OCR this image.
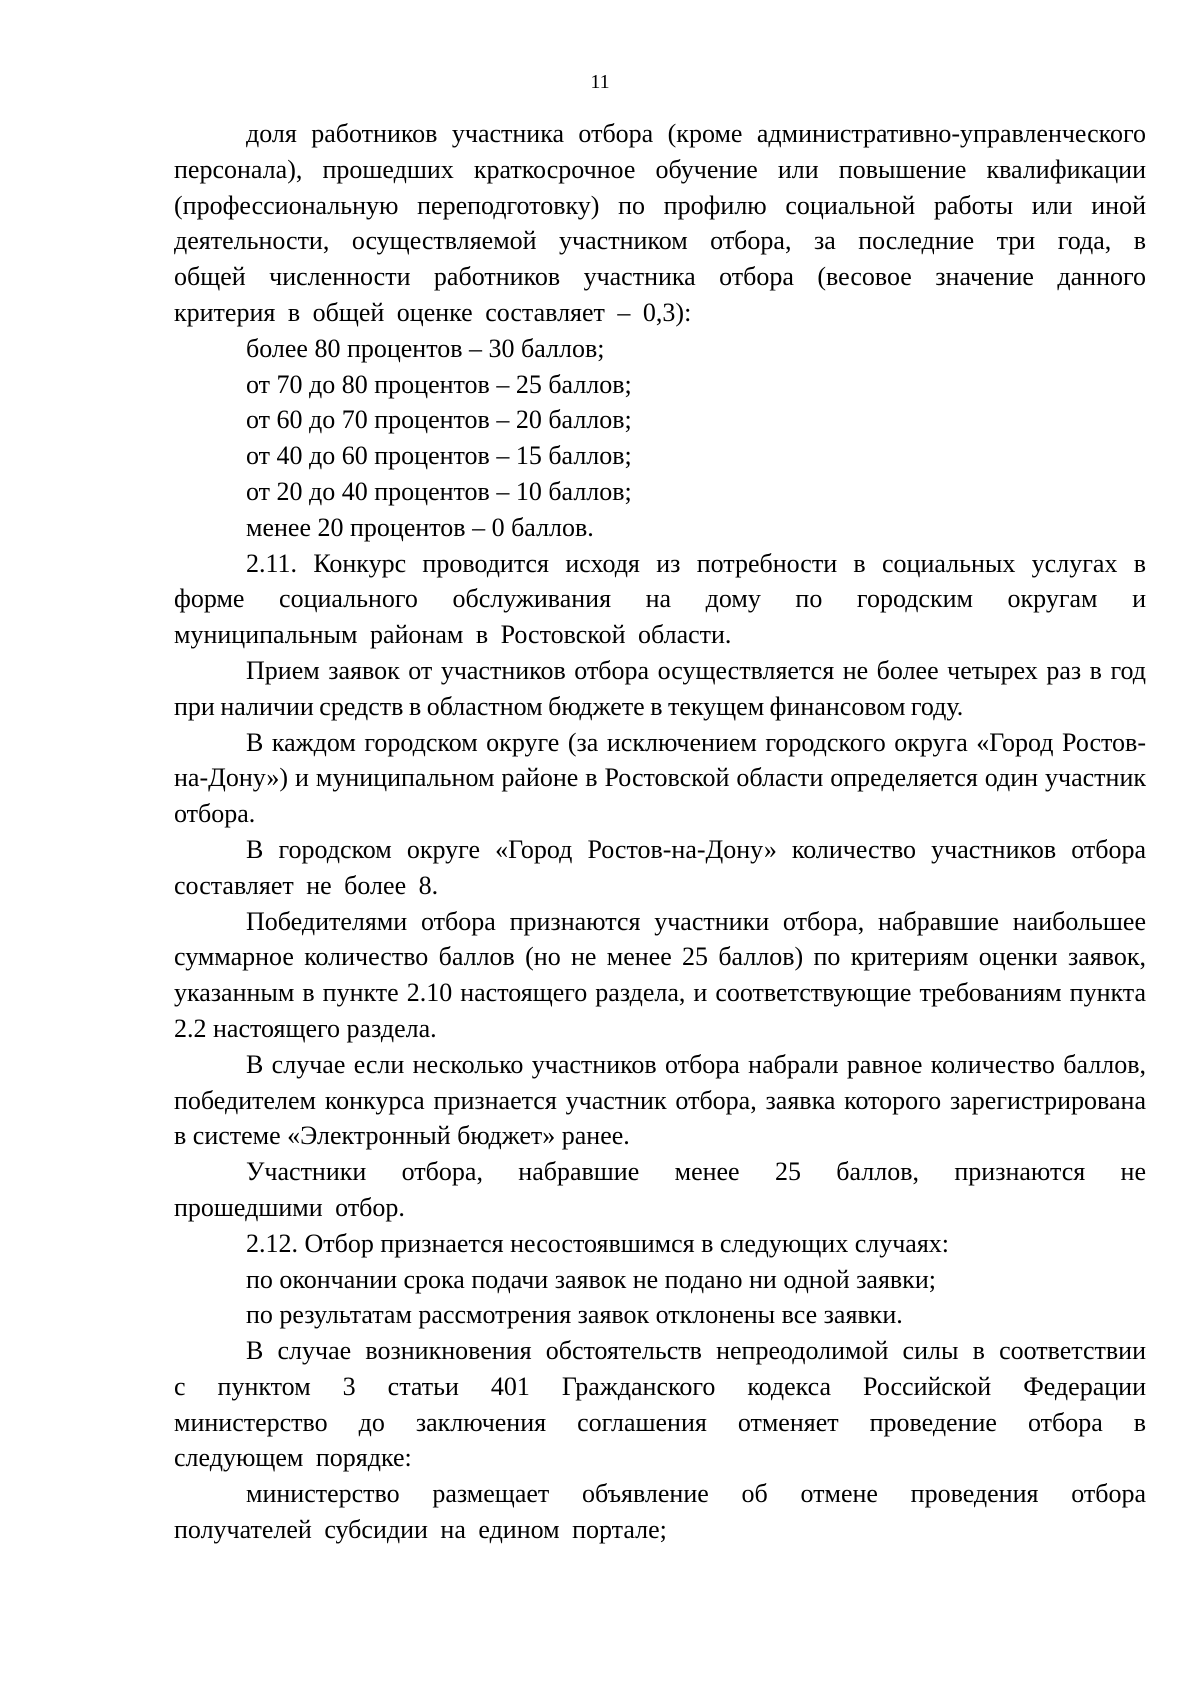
11

доля работников участника отбора (кроме административно-управленческого персонала), прошедших краткосрочное обучение или повышение квалификации (профессиональную переподготовку) по профилю социальной работы или иной деятельности, осуществляемой участником отбора, за последние три года, в общей численности работников участника отбора (весовое значение данного критерия в общей оценке составляет – 0,3):

более 80 процентов – 30 баллов;

от 70 до 80 процентов – 25 баллов;

от 60 до 70 процентов – 20 баллов;

от 40 до 60 процентов – 15 баллов;

от 20 до 40 процентов – 10 баллов;

менее 20 процентов – 0 баллов.

2.11. Конкурс проводится исходя из потребности в социальных услугах в форме социального обслуживания на дому по городским округам и муниципальным районам в Ростовской области.

Прием заявок от участников отбора осуществляется не более четырех раз в год при наличии средств в областном бюджете в текущем финансовом году.

В каждом городском округе (за исключением городского округа «Город Ростов-на-Дону») и муниципальном районе в Ростовской области определяется один участник отбора.

В городском округе «Город Ростов-на-Дону» количество участников отбора составляет не более 8.

Победителями отбора признаются участники отбора, набравшие наибольшее суммарное количество баллов (но не менее 25 баллов) по критериям оценки заявок, указанным в пункте 2.10 настоящего раздела, и соответствующие требованиям пункта 2.2 настоящего раздела.

В случае если несколько участников отбора набрали равное количество баллов, победителем конкурса признается участник отбора, заявка которого зарегистрирована в системе «Электронный бюджет» ранее.

Участники отбора, набравшие менее 25 баллов, признаются не прошедшими отбор.

2.12. Отбор признается несостоявшимся в следующих случаях:

по окончании срока подачи заявок не подано ни одной заявки;

по результатам рассмотрения заявок отклонены все заявки.

В случае возникновения обстоятельств непреодолимой силы в соответствии с пунктом 3 статьи 401 Гражданского кодекса Российской Федерации министерство до заключения соглашения отменяет проведение отбора в следующем порядке:

министерство размещает объявление об отмене проведения отбора получателей субсидии на едином портале;
